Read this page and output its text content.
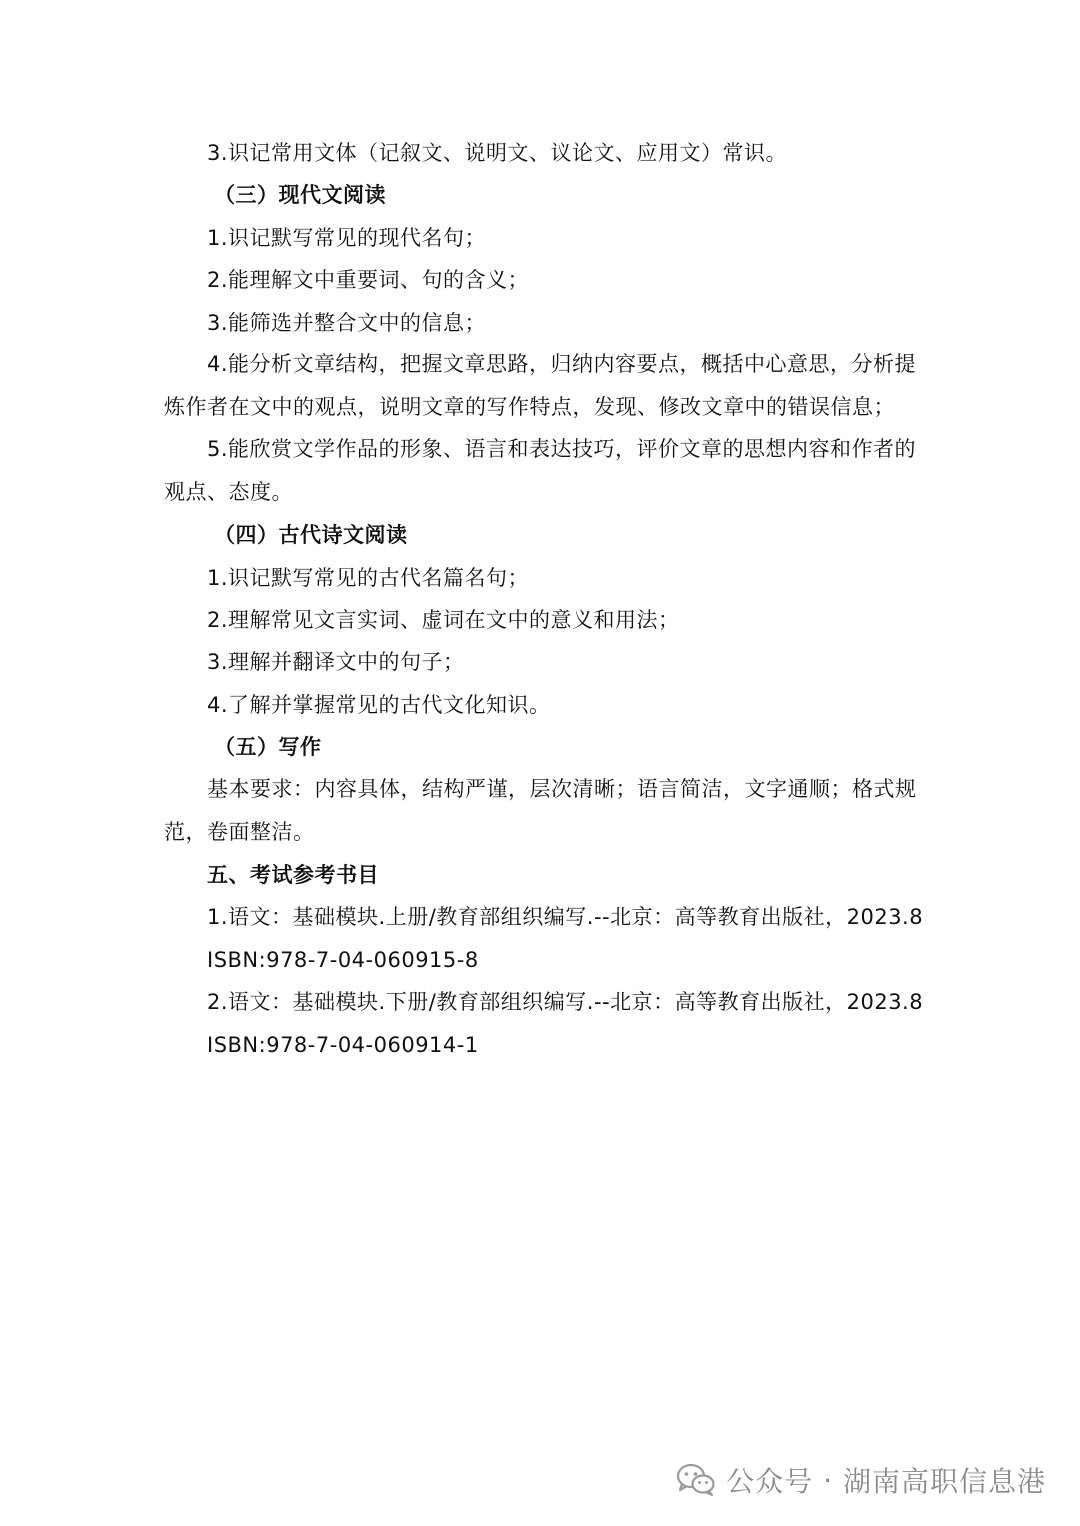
3.识记常用文体（记叙文、说明文、议论文、应用文）常识。
（三）现代文阅读
1.识记默写常见的现代名句；
2.能理解文中重要词、句的含义；
3.能筛选并整合文中的信息；
4.能分析文章结构，把握文章思路，归纳内容要点，概括中心意思，分析提炼作者在文中的观点，说明文章的写作特点，发现、修改文章中的错误信息；
5.能欣赏文学作品的形象、语言和表达技巧，评价文章的思想内容和作者的观点、态度。
（四）古代诗文阅读
1.识记默写常见的古代名篇名句；
2.理解常见文言实词、虚词在文中的意义和用法；
3.理解并翻译文中的句子；
4.了解并掌握常见的古代文化知识。
（五）写作
基本要求：内容具体，结构严谨，层次清晰；语言简洁，文字通顺；格式规范，卷面整洁。
五、考试参考书目
1.语文：基础模块.上册/教育部组织编写.--北京：高等教育出版社，2023.8
ISBN:978-7-04-060915-8
2.语文：基础模块.下册/教育部组织编写.--北京：高等教育出版社，2023.8
ISBN:978-7-04-060914-1
公众号 · 湖南高职信息港
